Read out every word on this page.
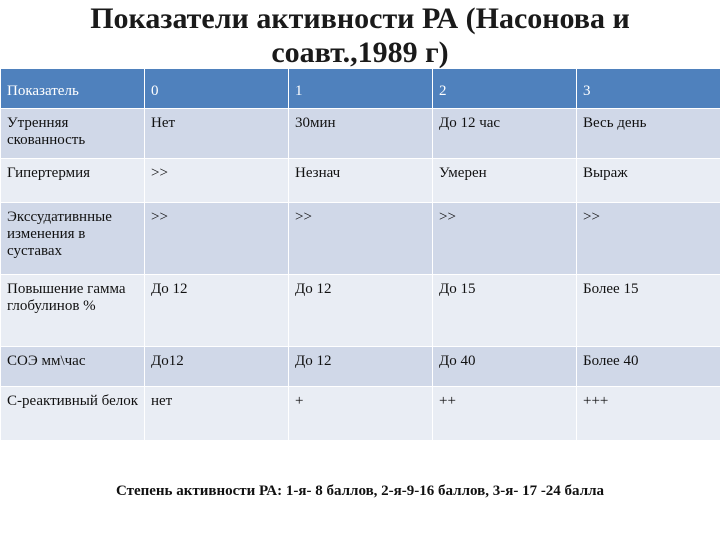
Показатели активности РА (Насонова и
соавт.,1989 г)
Показатель	0	1	2	3
Утренняя скованность	Нет	30мин	До 12 час	Весь день
Гипертермия	>>	Незнач	Умерен	Выраж
Экссудативнные изменения в суставах	>>	>>	>>	>>
Повышение гамма глобулинов %	До 12	До 12	До 15	Более 15
СОЭ мм\час	До12	До 12	До 40	Более 40
С-реактивный белок	нет	+	++	+++
Степень активности РА: 1-я- 8 баллов, 2-я-9-16 баллов, 3-я- 17 -24 балла
